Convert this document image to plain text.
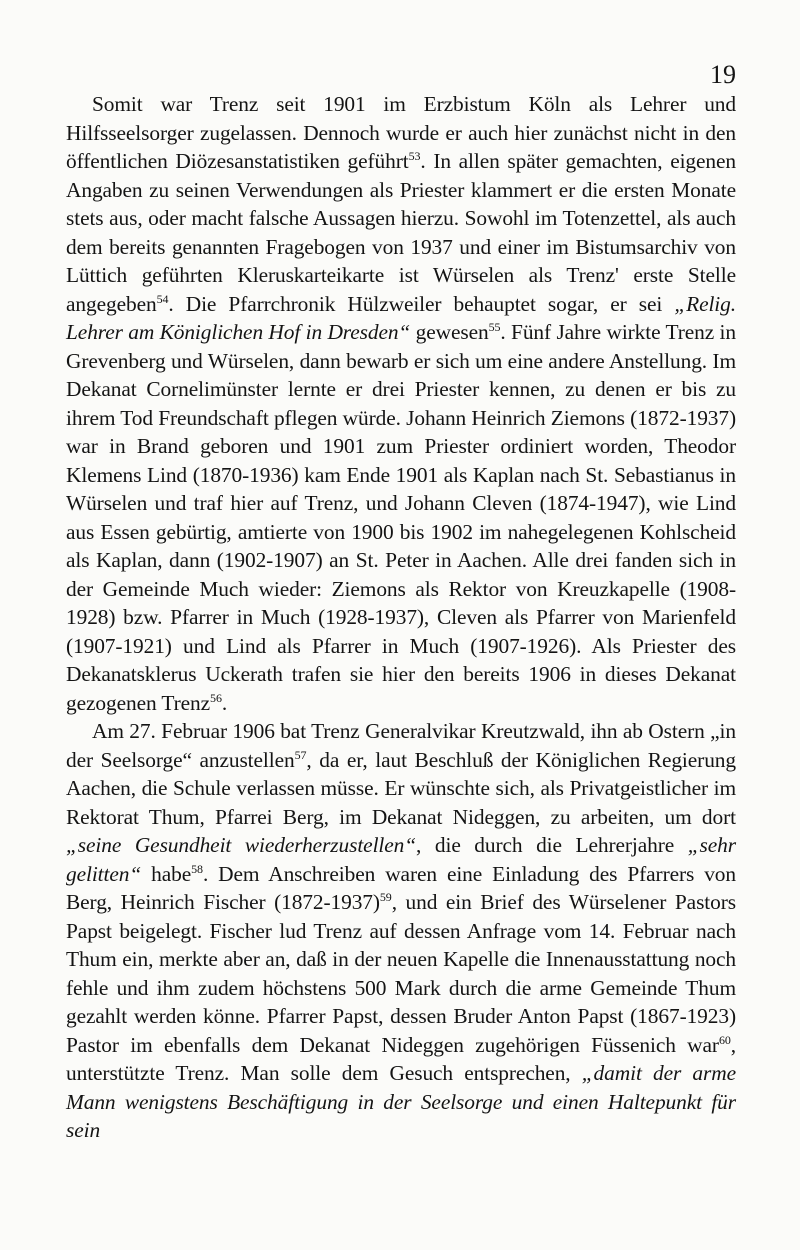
19

Somit war Trenz seit 1901 im Erzbistum Köln als Lehrer und Hilfsseelsorger zugelassen. Dennoch wurde er auch hier zunächst nicht in den öffentlichen Diözesanstatistiken geführt$^{53}$. In allen später gemachten, eigenen Angaben zu seinen Verwendungen als Priester klammert er die ersten Monate stets aus, oder macht falsche Aussagen hierzu. Sowohl im Totenzettel, als auch dem bereits genannten Fragebogen von 1937 und einer im Bistumsarchiv von Lüttich geführten Kleruskarteikarte ist Würselen als Trenz' erste Stelle angegeben$^{54}$. Die Pfarrchronik Hülzweiler behauptet sogar, er sei „Relig. Lehrer am Königlichen Hof in Dresden“ gewesen$^{55}$. Fünf Jahre wirkte Trenz in Grevenberg und Würselen, dann bewarb er sich um eine andere Anstellung. Im Dekanat Cornelimünster lernte er drei Priester kennen, zu denen er bis zu ihrem Tod Freundschaft pflegen würde. Johann Heinrich Ziemons (1872-1937) war in Brand geboren und 1901 zum Priester ordiniert worden, Theodor Klemens Lind (1870-1936) kam Ende 1901 als Kaplan nach St. Sebastianus in Würselen und traf hier auf Trenz, und Johann Cleven (1874-1947), wie Lind aus Essen gebürtig, amtierte von 1900 bis 1902 im nahegelegenen Kohlscheid als Kaplan, dann (1902-1907) an St. Peter in Aachen. Alle drei fanden sich in der Gemeinde Much wieder: Ziemons als Rektor von Kreuzkapelle (1908-1928) bzw. Pfarrer in Much (1928-1937), Cleven als Pfarrer von Marienfeld (1907-1921) und Lind als Pfarrer in Much (1907-1926). Als Priester des Dekanatsklerus Uckerath trafen sie hier den bereits 1906 in dieses Dekanat gezogenen Trenz$^{56}$.

Am 27. Februar 1906 bat Trenz Generalvikar Kreutzwald, ihn ab Ostern „in der Seelsorge“ anzustellen$^{57}$, da er, laut Beschluß der Königlichen Regierung Aachen, die Schule verlassen müsse. Er wünschte sich, als Privatgeistlicher im Rektorat Thum, Pfarrei Berg, im Dekanat Nideggen, zu arbeiten, um dort „seine Gesundheit wiederherzustellen“, die durch die Lehrerjahre „sehr gelitten“ habe$^{58}$. Dem Anschreiben waren eine Einladung des Pfarrers von Berg, Heinrich Fischer (1872-1937)$^{59}$, und ein Brief des Würselener Pastors Papst beigelegt. Fischer lud Trenz auf dessen Anfrage vom 14. Februar nach Thum ein, merkte aber an, daß in der neuen Kapelle die Innenausstattung noch fehle und ihm zudem höchstens 500 Mark durch die arme Gemeinde Thum gezahlt werden könne. Pfarrer Papst, dessen Bruder Anton Papst (1867-1923) Pastor im ebenfalls dem Dekanat Nideggen zugehörigen Füssenich war$^{60}$, unterstützte Trenz. Man solle dem Gesuch entsprechen, „damit der arme Mann wenigstens Beschäftigung in der Seelsorge und einen Haltepunkt für sein
